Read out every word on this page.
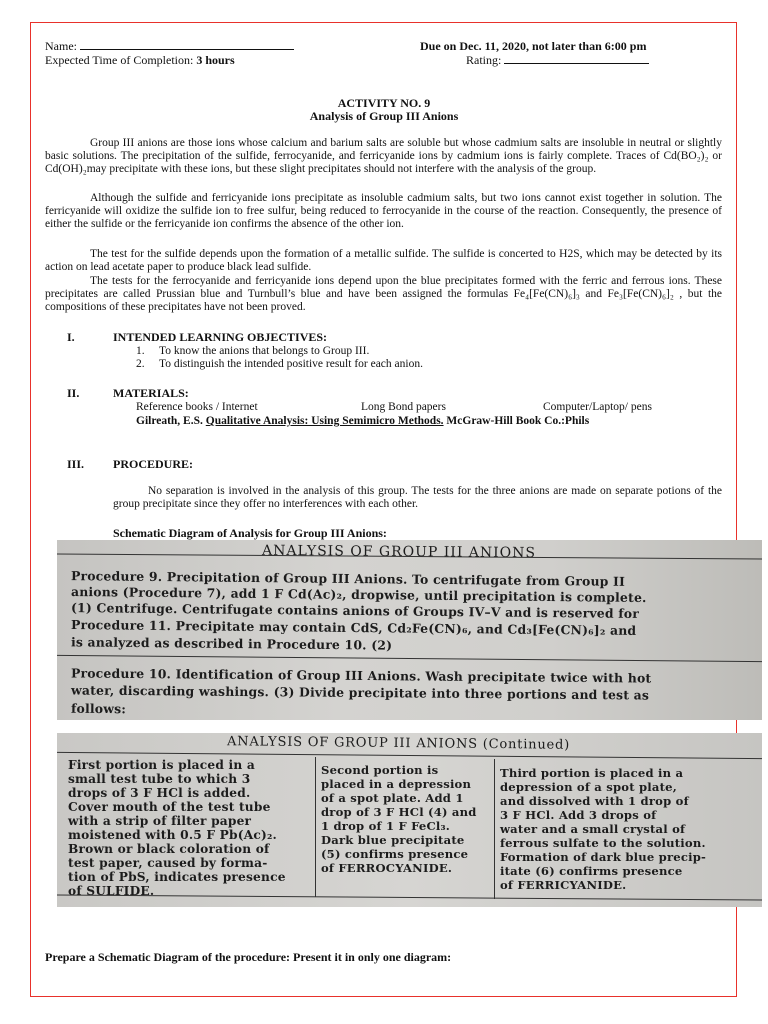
Name:	Due on Dec. 11, 2020, not later than 6:00 pm
Expected Time of Completion: 3 hours	Rating:
ACTIVITY NO. 9
Analysis of Group III Anions

Group III anions are those ions whose calcium and barium salts are soluble but whose cadmium salts are insoluble in neutral or slightly basic solutions. The precipitation of the sulfide, ferrocyanide, and ferricyanide ions by cadmium ions is fairly complete. Traces of Cd(BO₂)₂ or Cd(OH)₂may precipitate with these ions, but these slight precipitates should not interfere with the analysis of the group.

Although the sulfide and ferricyanide ions precipitate as insoluble cadmium salts, but two ions cannot exist together in solution. The ferricyanide will oxidize the sulfide ion to free sulfur, being reduced to ferrocyanide in the course of the reaction. Consequently, the presence of either the sulfide or the ferricyanide ion confirms the absence of the other ion.

The test for the sulfide depends upon the formation of a metallic sulfide. The sulfide is concerted to H2S, which may be detected by its action on lead acetate paper to produce black lead sulfide.

The tests for the ferrocyanide and ferricyanide ions depend upon the blue precipitates formed with the ferric and ferrous ions. These precipitates are called Prussian blue and Turnbull’s blue and have been assigned the formulas Fe₄[Fe(CN)₆]₃ and Fe₃[Fe(CN)₆]₂ , but the compositions of these precipitates have not been proved.

I.	INTENDED LEARNING OBJECTIVES:
1. To know the anions that belongs to Group III.
2. To distinguish the intended positive result for each anion.
II.	MATERIALS:
Reference books / Internet	Long Bond papers	Computer/Laptop/ pens
Gilreath, E.S. Qualitative Analysis: Using Semimicro Methods. McGraw-Hill Book Co.:Phils
III. PROCEDURE:

No separation is involved in the analysis of this group. The tests for the three anions are made on separate potions of the group precipitate since they offer no interferences with each other.

Schematic Diagram of Analysis for Group III Anions:
ANALYSIS OF GROUP III ANIONS
Procedure 9. Precipitation of Group III Anions. To centrifugate from Group II
anions (Procedure 7), add 1 F Cd(Ac)₂, dropwise, until precipitation is complete.
(1) Centrifuge. Centrifugate contains anions of Groups IV–V and is reserved for
Procedure 11. Precipitate may contain CdS, Cd₂Fe(CN)₆, and Cd₃[Fe(CN)₆]₂ and
is analyzed as described in Procedure 10. (2)
Procedure 10. Identification of Group III Anions. Wash precipitate twice with hot
water, discarding washings. (3) Divide precipitate into three portions and test as
follows:
ANALYSIS OF GROUP III ANIONS (Continued)
First portion is placed in a
small test tube to which 3
drops of 3 F HCl is added.
Cover mouth of the test tube
with a strip of filter paper
moistened with 0.5 F Pb(Ac)₂.
Brown or black coloration of
test paper, caused by forma-
tion of PbS, indicates presence
of SULFIDE.
Second portion is
placed in a depression
of a spot plate. Add 1
drop of 3 F HCl (4) and
1 drop of 1 F FeCl₃.
Dark blue precipitate
(5) confirms presence
of FERROCYANIDE.
Third portion is placed in a
depression of a spot plate,
and dissolved with 1 drop of
3 F HCl. Add 3 drops of
water and a small crystal of
ferrous sulfate to the solution.
Formation of dark blue precip-
itate (6) confirms presence
of FERRICYANIDE.
Prepare a Schematic Diagram of the procedure: Present it in only one diagram:
